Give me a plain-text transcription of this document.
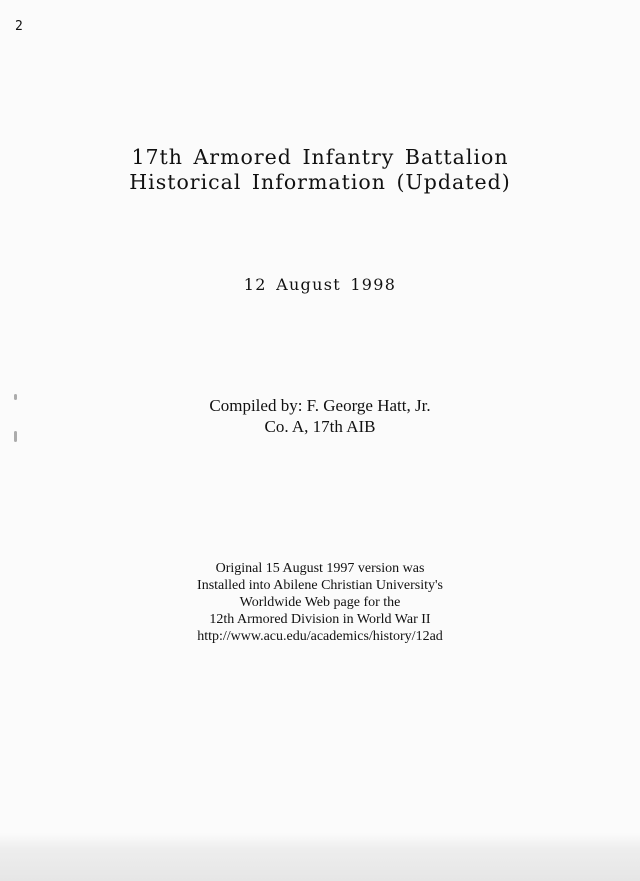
2
17th Armored Infantry Battalion
Historical Information (Updated)
12 August 1998
Compiled by: F. George Hatt, Jr.
Co. A, 17th AIB
Original 15 August 1997 version was
Installed into Abilene Christian University's
Worldwide Web page for the
12th Armored Division in World War II
http://www.acu.edu/academics/history/12ad
